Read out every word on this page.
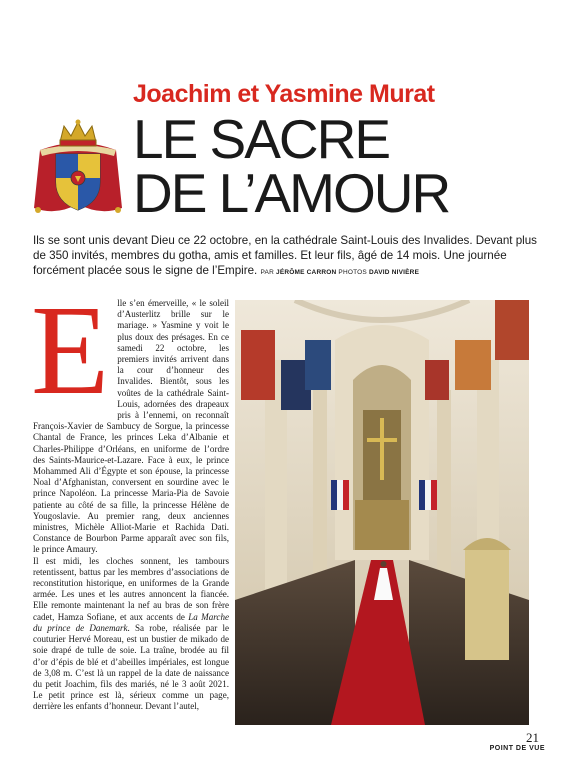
Joachim et Yasmine Murat
LE SACRE
DE L’AMOUR

Ils se sont unis devant Dieu ce 22 octobre, en la cathédrale Saint-Louis des Invalides. Devant plus de 350 invités, membres du gotha, amis et familles. Et leur fils, âgé de 14 mois. Une journée forcément placée sous le signe de l’Empire. PAR JÉRÔME CARRON PHOTOS DAVID NIVIÈRE

Elle s’en émerveille, « le soleil d’Austerlitz brille sur le mariage. » Yasmine y voit le plus doux des présages. En ce samedi 22 octobre, les premiers invités arrivent dans la cour d’honneur des Invalides. Bientôt, sous les voûtes de la cathédrale Saint-Louis, adornées des drapeaux pris à l’ennemi, on reconnaît François-Xavier de Sambucy de Sorgue, la princesse Chantal de France, les princes Leka d’Albanie et Charles-Philippe d’Orléans, en uniforme de l’ordre des Saints-Maurice-et-Lazare. Face à eux, le prince Mohammed Ali d’Égypte et son épouse, la princesse Noal d’Afghanistan, conversent en sourdine avec le prince Napoléon. La princesse Maria-Pia de Savoie patiente au côté de sa fille, la princesse Hélène de Yougoslavie. Au premier rang, deux anciennes ministres, Michèle Alliot-Marie et Rachida Dati. Constance de Bourbon Parme apparaît avec son fils, le prince Amaury.

Il est midi, les cloches sonnent, les tambours retentissent, battus par les membres d’associations de reconstitution historique, en uniformes de la Grande armée. Les unes et les autres annoncent la fiancée. Elle remonte maintenant la nef au bras de son frère cadet, Hamza Sofiane, et aux accents de La Marche du prince de Danemark. Sa robe, réalisée par le couturier Hervé Moreau, est un bustier de mikado de soie drapé de tulle de soie. La traîne, brodée au fil d’or d’épis de blé et d’abeilles impériales, est longue de 3,08 m. C’est là un rappel de la date de naissance du petit Joachim, fils des mariés, né le 3 août 2021. Le petit prince est là, sérieux comme un page, derrière les enfants d’honneur. Devant l’autel,

21
POINT DE VUE
